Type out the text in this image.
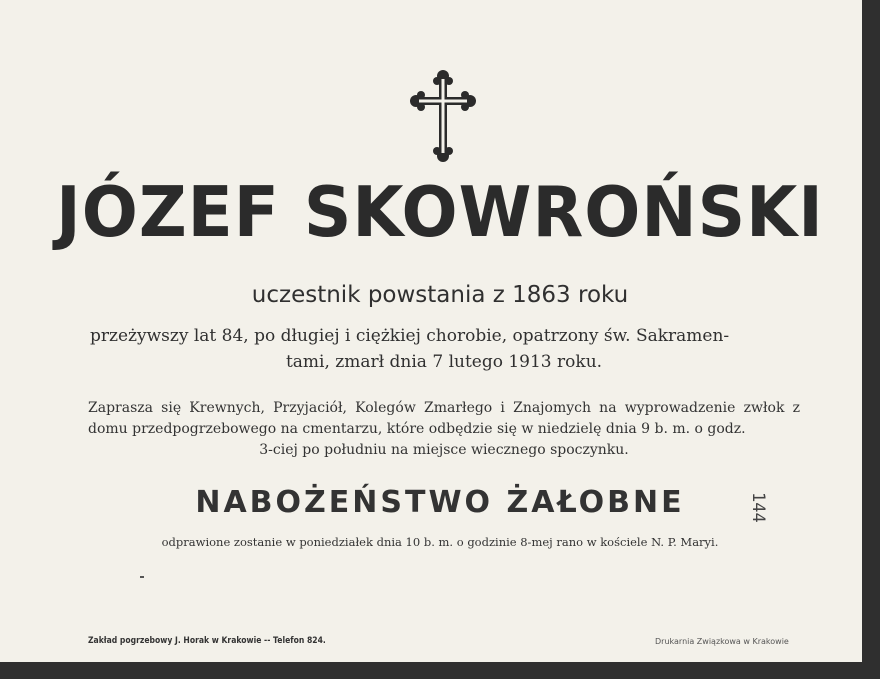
JÓZEF SKOWROŃSKI
uczestnik powstania z 1863 roku
przeżywszy lat 84, po długiej i ciężkiej chorobie, opatrzony św. Sakramen-
tami, zmarł dnia 7 lutego 1913 roku.
Zaprasza się Krewnych, Przyjaciół, Kolegów Zmarłego i Znajomych na wyprowadzenie zwłok z domu przedpogrzebowego na cmentarzu, które odbędzie się w niedzielę dnia 9 b. m. o godz.
3-ciej po południu na miejsce wiecznego spoczynku.
NABOŻEŃSTWO ŻAŁOBNE
odprawione zostanie w poniedziałek dnia 10 b. m. o godzinie 8-mej rano w kościele N. P. Maryi.
144
Zakład pogrzebowy J. Horak w Krakowie -- Telefon 824.	Drukarnia Związkowa w Krakowie
